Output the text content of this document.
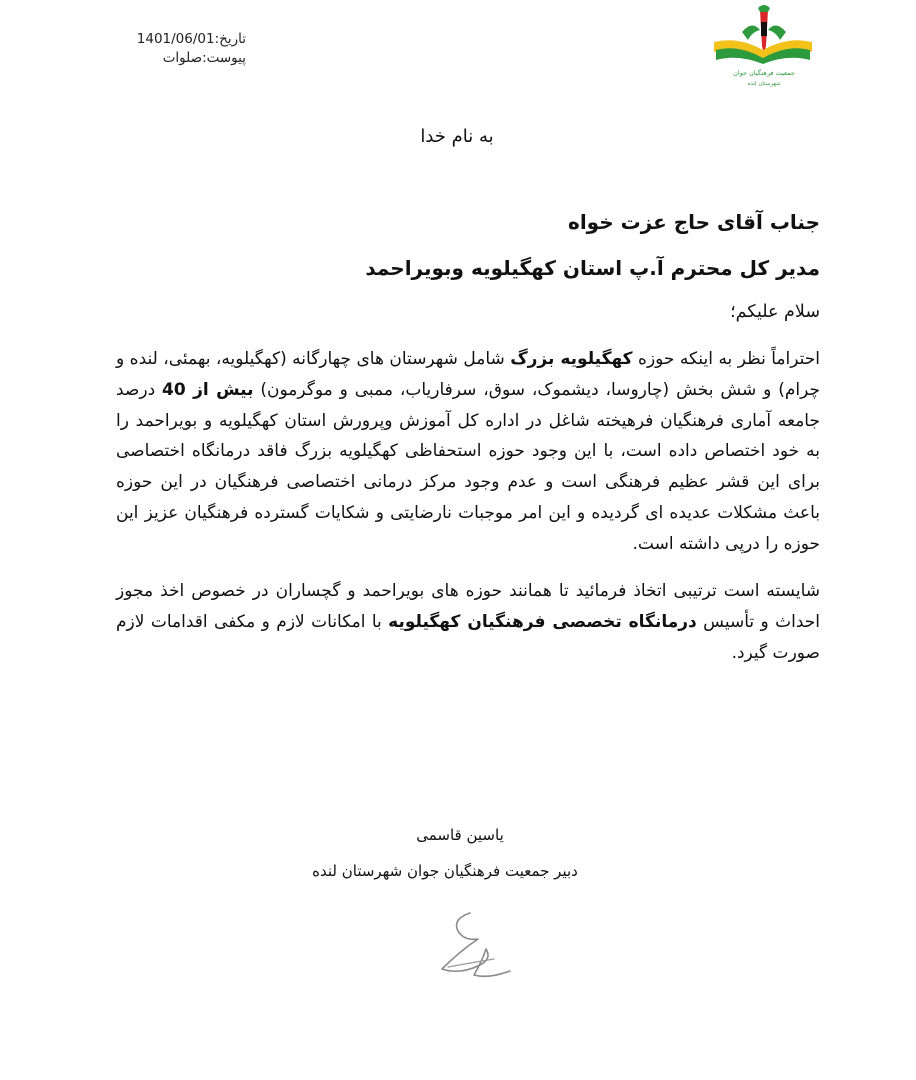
تاریخ:1401/06/01
پیوست:صلوات
جمعیت فرهنگیان جوان
شهرستان لنده
به نام خدا
جناب آقای حاج عزت خواه
مدیر کل محترم آ.پ استان کهگیلویه وبویراحمد
سلام علیکم؛
احتراماً نظر به اینکه حوزه کهگیلویه بزرگ شامل شهرستان های چهارگانه (کهگیلویه، بهمئی، لنده و چرام) و شش بخش (چاروسا، دیشموک، سوق، سرفاریاب، ممبی و موگرمون) بیش از 40 درصد جامعه آماری فرهنگیان فرهیخته شاغل در اداره کل آموزش وپرورش استان کهگیلویه و بویراحمد را به خود اختصاص داده است، با این وجود حوزه استحفاظی کهگیلویه بزرگ فاقد درمانگاه اختصاصی برای این قشر عظیم فرهنگی است و عدم وجود مرکز درمانی اختصاصی فرهنگیان در این حوزه باعث مشکلات عدیده ای گردیده و این امر موجبات نارضایتی و شکایات گسترده فرهنگیان عزیز این حوزه را درپی داشته است.
شایسته است ترتیبی اتخاذ فرمائید تا همانند حوزه های بویراحمد و گچساران در خصوص اخذ مجوز احداث و تأسیس درمانگاه تخصصی فرهنگیان کهگیلویه با امکانات لازم و مکفی اقدامات لازم صورت گیرد.
یاسین قاسمی
دبیر جمعیت فرهنگیان جوان شهرستان لنده
